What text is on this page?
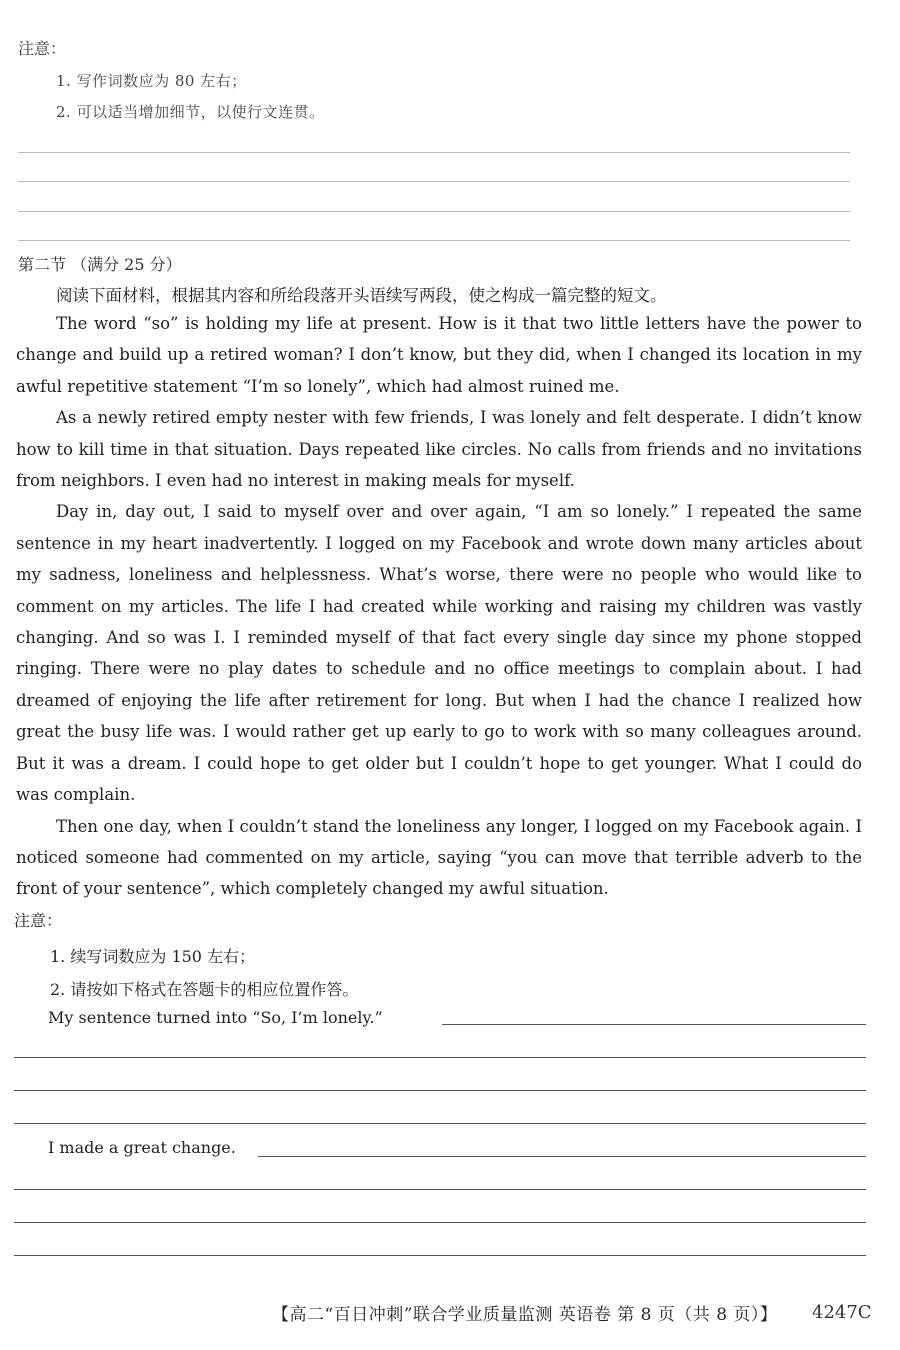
注意：
1. 写作词数应为 80 左右；
2. 可以适当增加细节，以使行文连贯。
第二节 （满分 25 分）
阅读下面材料，根据其内容和所给段落开头语续写两段，使之构成一篇完整的短文。

The word “so” is holding my life at present. How is it that two little letters have the power to change and build up a retired woman? I don’t know, but they did, when I changed its location in my awful repetitive statement “I’m so lonely”, which had almost ruined me.

As a newly retired empty nester with few friends, I was lonely and felt desperate. I didn’t know how to kill time in that situation. Days repeated like circles. No calls from friends and no invitations from neighbors. I even had no interest in making meals for myself.

Day in, day out, I said to myself over and over again, “I am so lonely.” I repeated the same sentence in my heart inadvertently. I logged on my Facebook and wrote down many articles about my sadness, loneliness and helplessness. What’s worse, there were no people who would like to comment on my articles. The life I had created while working and raising my children was vastly changing. And so was I. I reminded myself of that fact every single day since my phone stopped ringing. There were no play dates to schedule and no office meetings to complain about. I had dreamed of enjoying the life after retirement for long. But when I had the chance I realized how great the busy life was. I would rather get up early to go to work with so many colleagues around. But it was a dream. I could hope to get older but I couldn’t hope to get younger. What I could do was complain.

Then one day, when I couldn’t stand the loneliness any longer, I logged on my Facebook again. I noticed someone had commented on my article, saying “you can move that terrible adverb to the front of your sentence”, which completely changed my awful situation.

注意：
1. 续写词数应为 150 左右；
2. 请按如下格式在答题卡的相应位置作答。
My sentence turned into “So, I’m lonely.”
I made a great change.
【高二“百日冲刺”联合学业质量监测 英语卷 第 8 页（共 8 页）】 4247C
